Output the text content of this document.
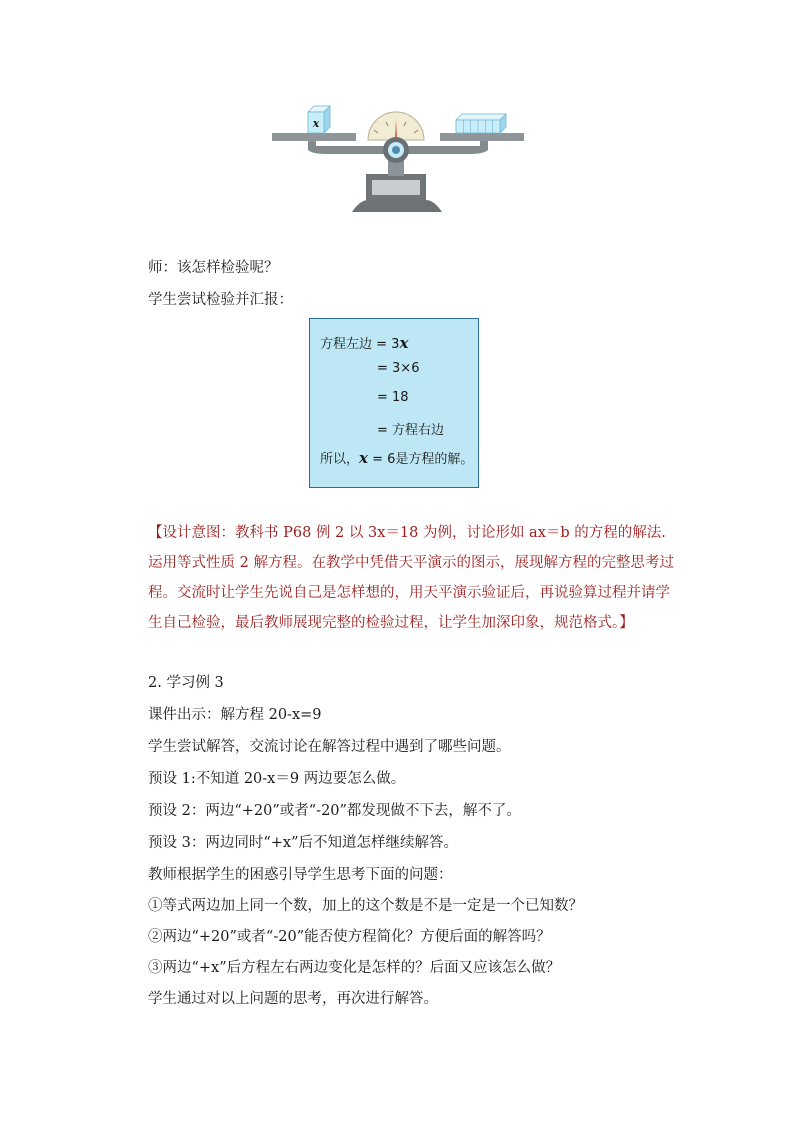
x
师：该怎样检验呢？
学生尝试检验并汇报：
方程左边 = 3x
= 3×6
= 18
= 方程右边
所以，x = 6是方程的解。
【设计意图：教科书 P68 例 2 以 3x＝18 为例，讨论形如 ax＝b 的方程的解法. 运用等式性质 2 解方程。在教学中凭借天平演示的图示，展现解方程的完整思考过程。交流时让学生先说自己是怎样想的，用天平演示验证后，再说验算过程并请学生自己检验，最后教师展现完整的检验过程，让学生加深印象，规范格式。】
2. 学习例 3
课件出示：解方程 20-x=9
学生尝试解答，交流讨论在解答过程中遇到了哪些问题。
预设 1:不知道 20-x＝9 两边要怎么做。
预设 2：两边“+20”或者“-20”都发现做不下去，解不了。
预设 3：两边同时“+x”后不知道怎样继续解答。
教师根据学生的困惑引导学生思考下面的问题：
①等式两边加上同一个数，加上的这个数是不是一定是一个已知数？
②两边“+20”或者“-20”能否使方程简化？方便后面的解答吗？
③两边“+x”后方程左右两边变化是怎样的？后面又应该怎么做？
学生通过对以上问题的思考，再次进行解答。
